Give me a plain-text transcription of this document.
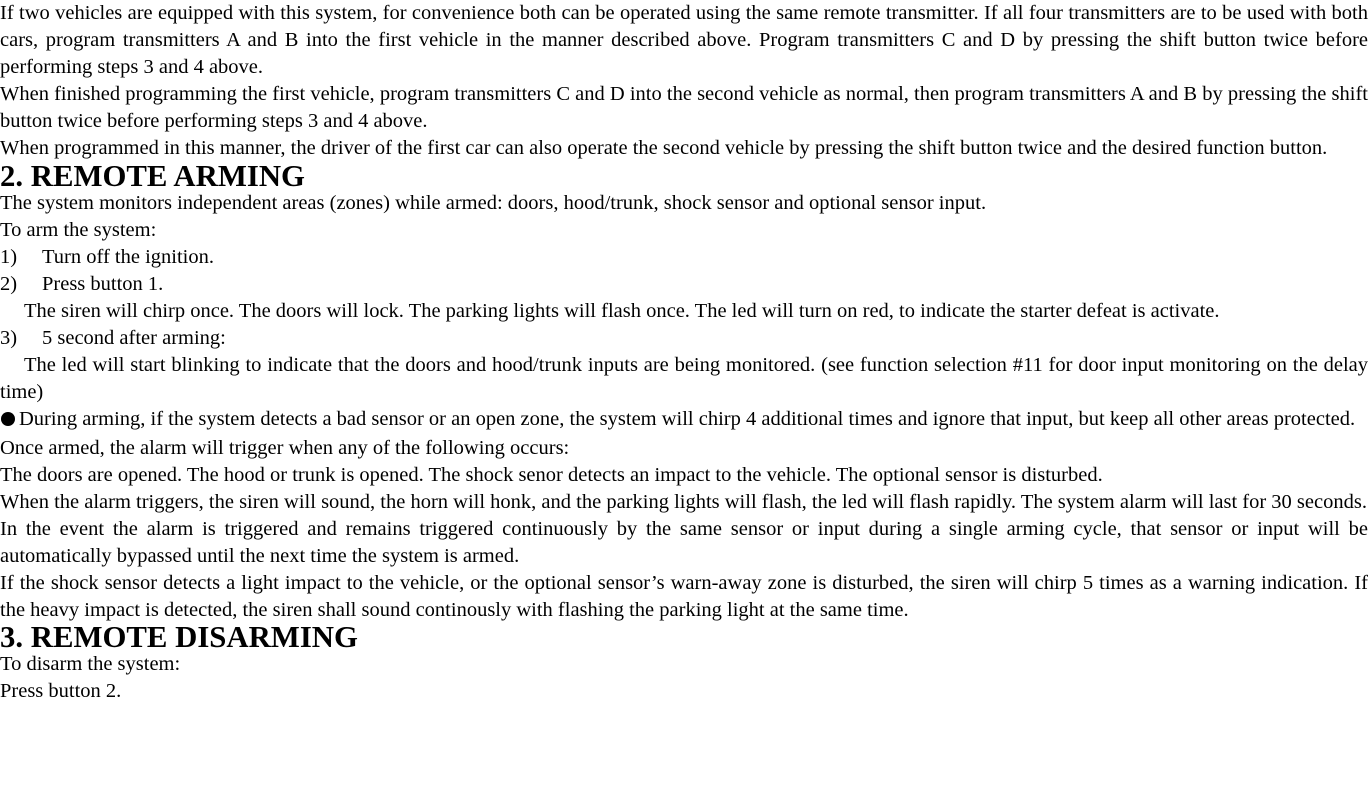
If two vehicles are equipped with this system, for convenience both can be operated using the same remote transmitter. If all four transmitters are to be used with both cars, program transmitters A and B into the first vehicle in the manner described above. Program transmitters C and D by pressing the shift button twice before performing steps 3 and 4 above.

When finished programming the first vehicle, program transmitters C and D into the second vehicle as normal, then program transmitters A and B by pressing the shift button twice before performing steps 3 and 4 above.

When programmed in this manner, the driver of the first car can also operate the second vehicle by pressing the shift button twice and the desired function button.

2. REMOTE ARMING

The system monitors independent areas (zones) while armed: doors, hood/trunk, shock sensor and optional sensor input.

To arm the system:

1)	Turn off the ignition.
2)	Press button 1.

The siren will chirp once. The doors will lock. The parking lights will flash once. The led will turn on red, to indicate the starter defeat is activate.

3)	5 second after arming:

The led will start blinking to indicate that the doors and hood/trunk inputs are being monitored. (see function selection #11 for door input monitoring on the delay time)

During arming, if the system detects a bad sensor or an open zone, the system will chirp 4 additional times and ignore that input, but keep all other areas protected.

Once armed, the alarm will trigger when any of the following occurs:

The doors are opened. The hood or trunk is opened. The shock senor detects an impact to the vehicle. The optional sensor is disturbed.

When the alarm triggers, the siren will sound, the horn will honk, and the parking lights will flash, the led will flash rapidly. The system alarm will last for 30 seconds.

In the event the alarm is triggered and remains triggered continuously by the same sensor or input during a single arming cycle, that sensor or input will be automatically bypassed until the next time the system is armed.

If the shock sensor detects a light impact to the vehicle, or the optional sensor’s warn-away zone is disturbed, the siren will chirp 5 times as a warning indication. If the heavy impact is detected, the siren shall sound continously with flashing the parking light at the same time.

3. REMOTE DISARMING

To disarm the system:

Press button 2.
